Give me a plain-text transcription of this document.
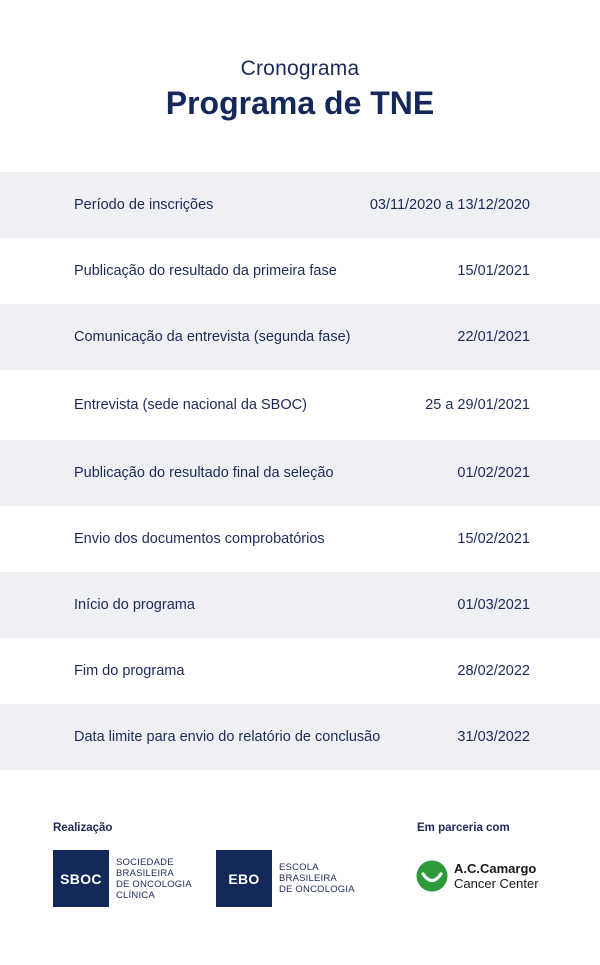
Cronograma
Programa de TNE
Período de inscrições	03/11/2020 a 13/12/2020
Publicação do resultado da primeira fase	15/01/2021
Comunicação da entrevista (segunda fase)	22/01/2021
Entrevista (sede nacional da SBOC)	25 a 29/01/2021
Publicação do resultado final da seleção	01/02/2021
Envio dos documentos comprobatórios	15/02/2021
Início do programa	01/03/2021
Fim do programa	28/02/2022
Data limite para envio do relatório de conclusão	31/03/2022
Realização	Em parceria com
SBOC
SOCIEDADE
BRASILEIRA
DE ONCOLOGIA
CLÍNICA
EBO
ESCOLA
BRASILEIRA
DE ONCOLOGIA
A.C.Camargo
Cancer Center
